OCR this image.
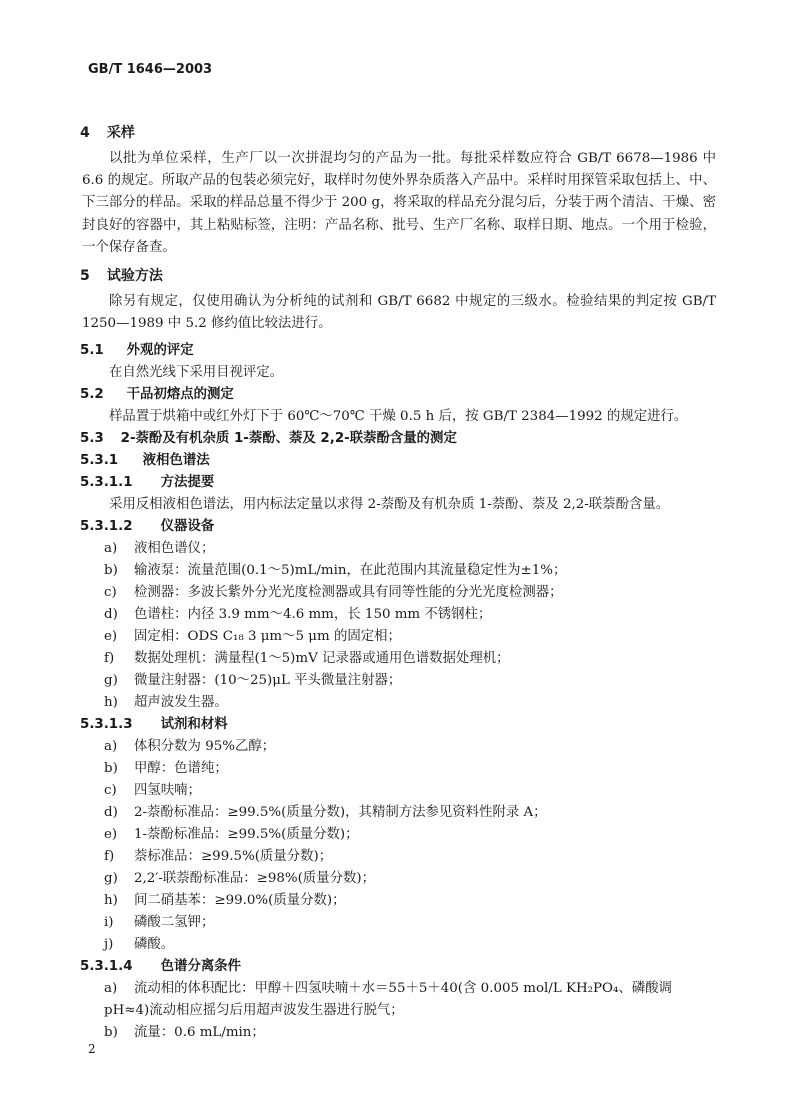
GB/T 1646—2003
4 采样

以批为单位采样，生产厂以一次拼混均匀的产品为一批。每批采样数应符合 GB/T 6678—1986 中 6.6 的规定。所取产品的包装必须完好，取样时勿使外界杂质落入产品中。采样时用探管采取包括上、中、下三部分的样品。采取的样品总量不得少于 200 g，将采取的样品充分混匀后，分装于两个清洁、干燥、密封良好的容器中，其上粘贴标签，注明：产品名称、批号、生产厂名称、取样日期、地点。一个用于检验，一个保存备查。

5 试验方法

除另有规定，仅使用确认为分析纯的试剂和 GB/T 6682 中规定的三级水。检验结果的判定按 GB/T 1250—1989 中 5.2 修约值比较法进行。

5.1 外观的评定
在自然光线下采用目视评定。
5.2 干品初熔点的测定
样品置于烘箱中或红外灯下于 60℃～70℃ 干燥 0.5 h 后，按 GB/T 2384—1992 的规定进行。
5.3 2-萘酚及有机杂质 1-萘酚、萘及 2,2-联萘酚含量的测定
5.3.1 液相色谱法
5.3.1.1 方法提要
采用反相液相色谱法，用内标法定量以求得 2-萘酚及有机杂质 1-萘酚、萘及 2,2-联萘酚含量。
5.3.1.2 仪器设备
a) 液相色谱仪；
b) 输液泵：流量范围(0.1～5)mL/min，在此范围内其流量稳定性为±1%；
c) 检测器：多波长紫外分光光度检测器或具有同等性能的分光光度检测器；
d) 色谱柱：内径 3.9 mm～4.6 mm，长 150 mm 不锈钢柱；
e) 固定相：ODS C₁₈ 3 μm～5 μm 的固定相；
f) 数据处理机：满量程(1～5)mV 记录器或通用色谱数据处理机；
g) 微量注射器：(10～25)μL 平头微量注射器；
h) 超声波发生器。
5.3.1.3 试剂和材料
a) 体积分数为 95%乙醇；
b) 甲醇：色谱纯；
c) 四氢呋喃；
d) 2-萘酚标准品：≥99.5%(质量分数)，其精制方法参见资料性附录 A；
e) 1-萘酚标准品：≥99.5%(质量分数)；
f) 萘标准品：≥99.5%(质量分数)；
g) 2,2′-联萘酚标准品：≥98%(质量分数)；
h) 间二硝基苯：≥99.0%(质量分数)；
i) 磷酸二氢钾；
j) 磷酸。
5.3.1.4 色谱分离条件
a) 流动相的体积配比：甲醇＋四氢呋喃＋水＝55＋5＋40(含 0.005 mol/L KH₂PO₄、磷酸调
pH≈4)流动相应摇匀后用超声波发生器进行脱气；
b) 流量：0.6 mL/min；
2
